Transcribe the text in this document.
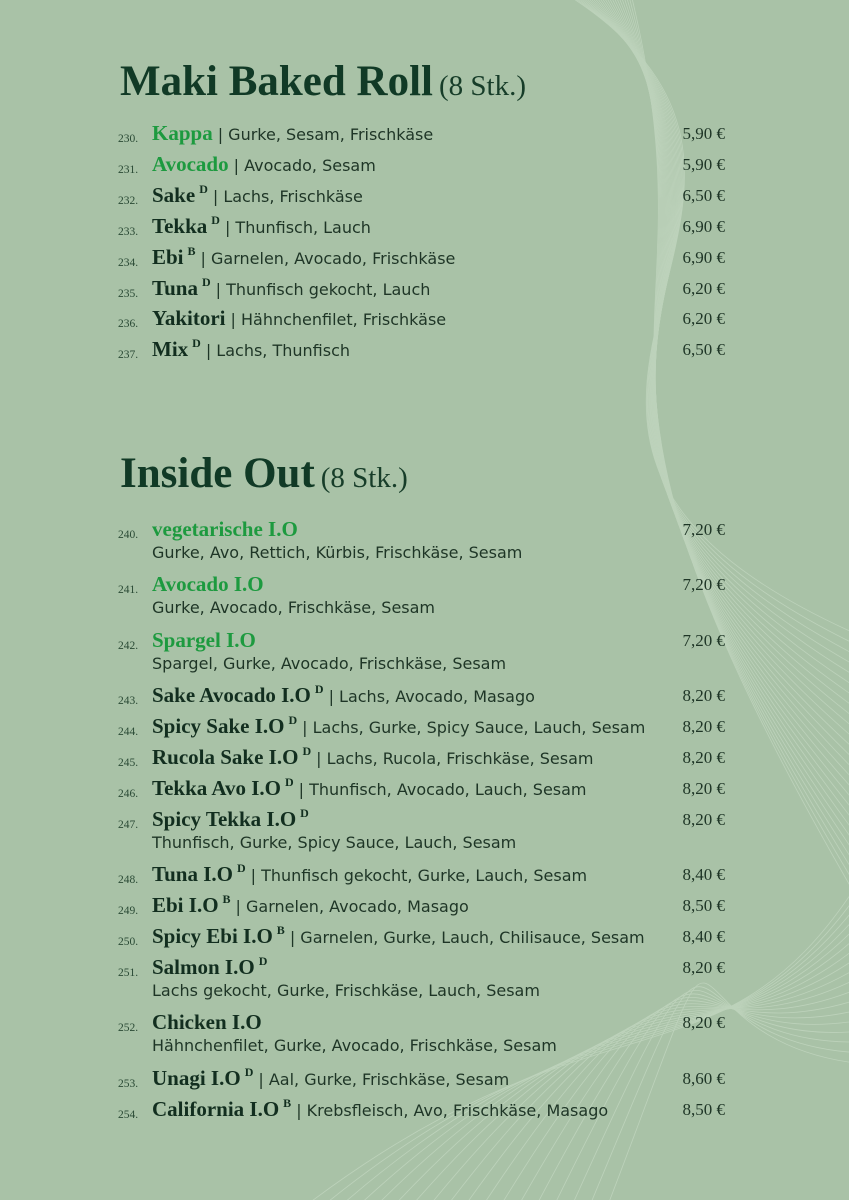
Maki Baked Roll (8 Stk.)
230. Kappa | Gurke, Sesam, Frischkäse	5,90 €
231. Avocado | Avocado, Sesam	5,90 €
232. Sake $^D$ | Lachs, Frischkäse	6,50 €
233. Tekka $^D$ | Thunfisch, Lauch	6,90 €
234. Ebi $^B$ | Garnelen, Avocado, Frischkäse	6,90 €
235. Tuna $^D$ | Thunfisch gekocht, Lauch	6,20 €
236. Yakitori | Hähnchenfilet, Frischkäse	6,20 €
237. Mix $^D$ | Lachs, Thunfisch	6,50 €
Inside Out (8 Stk.)
240. vegetarische I.O	7,20 €
Gurke, Avo, Rettich, Kürbis, Frischkäse, Sesam
241. Avocado I.O	7,20 €
Gurke, Avocado, Frischkäse, Sesam
242. Spargel I.O	7,20 €
Spargel, Gurke, Avocado, Frischkäse, Sesam
243. Sake Avocado I.O $^D$ | Lachs, Avocado, Masago	8,20 €
244. Spicy Sake I.O $^D$ | Lachs, Gurke, Spicy Sauce, Lauch, Sesam 8,20 €
245. Rucola Sake I.O $^D$ | Lachs, Rucola, Frischkäse, Sesam	8,20 €
246. Tekka Avo I.O $^D$ | Thunfisch, Avocado, Lauch, Sesam	8,20 €
247. Spicy Tekka I.O $^D$	8,20 €
Thunfisch, Gurke, Spicy Sauce, Lauch, Sesam
248. Tuna I.O $^D$ | Thunfisch gekocht, Gurke, Lauch, Sesam	8,40 €
249. Ebi I.O $^B$ | Garnelen, Avocado, Masago	8,50 €
250. Spicy Ebi I.O $^B$ | Garnelen, Gurke, Lauch, Chilisauce, Sesam 8,40 €
251. Salmon I.O $^D$	8,20 €
Lachs gekocht, Gurke, Frischkäse, Lauch, Sesam
252. Chicken I.O	8,20 €
Hähnchenfilet, Gurke, Avocado, Frischkäse, Sesam
253. Unagi I.O $^D$ | Aal, Gurke, Frischkäse, Sesam	8,60 €
254. California I.O $^B$ | Krebsfleisch, Avo, Frischkäse, Masago	8,50 €
